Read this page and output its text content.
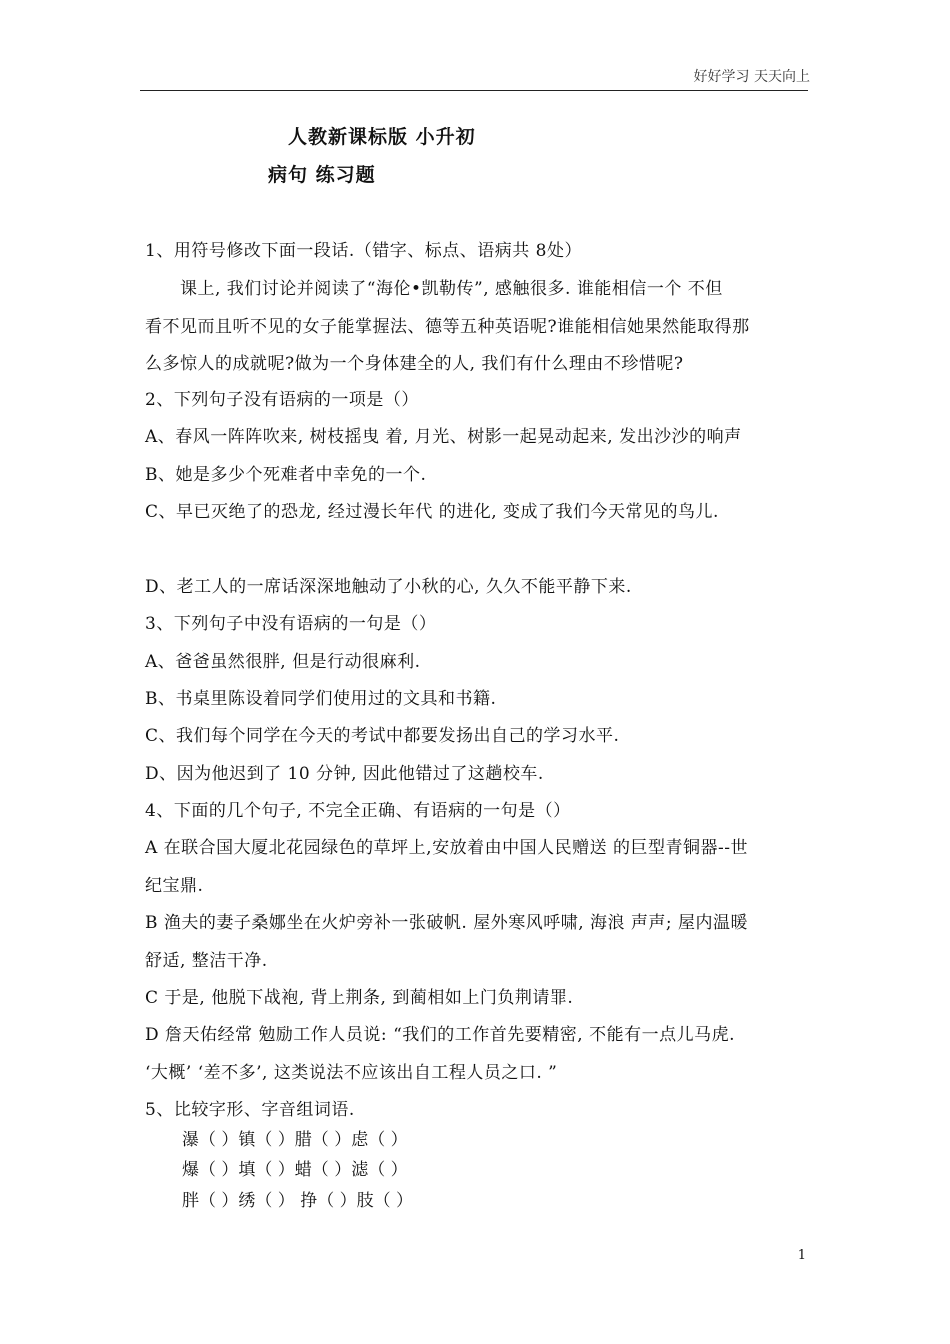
好好学习 天天向上
人教新课标版 小升初
病句 练习题
1、用符号修改下面一段话.（错字、标点、语病共 8处）
课上, 我们讨论并阅读了“海伦•凯勒传”, 感触很多. 谁能相信一个 不但
看不见而且听不见的女子能掌握法、德等五种英语呢?谁能相信她果然能取得那
么多惊人的成就呢?做为一个身体建全的人, 我们有什么理由不珍惜呢?
2、下列句子没有语病的一项是（）
A、春风一阵阵吹来, 树枝摇曳 着, 月光、树影一起晃动起来, 发出沙沙的响声
B、她是多少个死难者中幸免的一个.
C、早已灭绝了的恐龙, 经过漫长年代 的进化, 变成了我们今天常见的鸟儿.
D、老工人的一席话深深地触动了小秋的心, 久久不能平静下来.
3、下列句子中没有语病的一句是（）
A、爸爸虽然很胖, 但是行动很麻利.
B、书桌里陈设着同学们使用过的文具和书籍.
C、我们每个同学在今天的考试中都要发扬出自己的学习水平.
D、因为他迟到了 10 分钟, 因此他错过了这趟校车.
4、下面的几个句子, 不完全正确、有语病的一句是（）
A 在联合国大厦北花园绿色的草坪上,安放着由中国人民赠送 的巨型青铜器--世
纪宝鼎.
B 渔夫的妻子桑娜坐在火炉旁补一张破帆. 屋外寒风呼啸, 海浪 声声; 屋内温暖
舒适, 整洁干净.
C 于是, 他脱下战袍, 背上荆条, 到蔺相如上门负荆请罪.
D 詹天佑经常 勉励工作人员说: “我们的工作首先要精密, 不能有一点儿马虎.
‘大概’ ‘差不多’, 这类说法不应该出自工程人员之口. ”
5、比较字形、字音组词语.
瀑（ ）镇（ ）腊（ ）虑（ ）
爆（ ）填（ ）蜡（ ）滤（ ）
胖（ ）绣（ ） 挣（ ）肢（ ）
1
